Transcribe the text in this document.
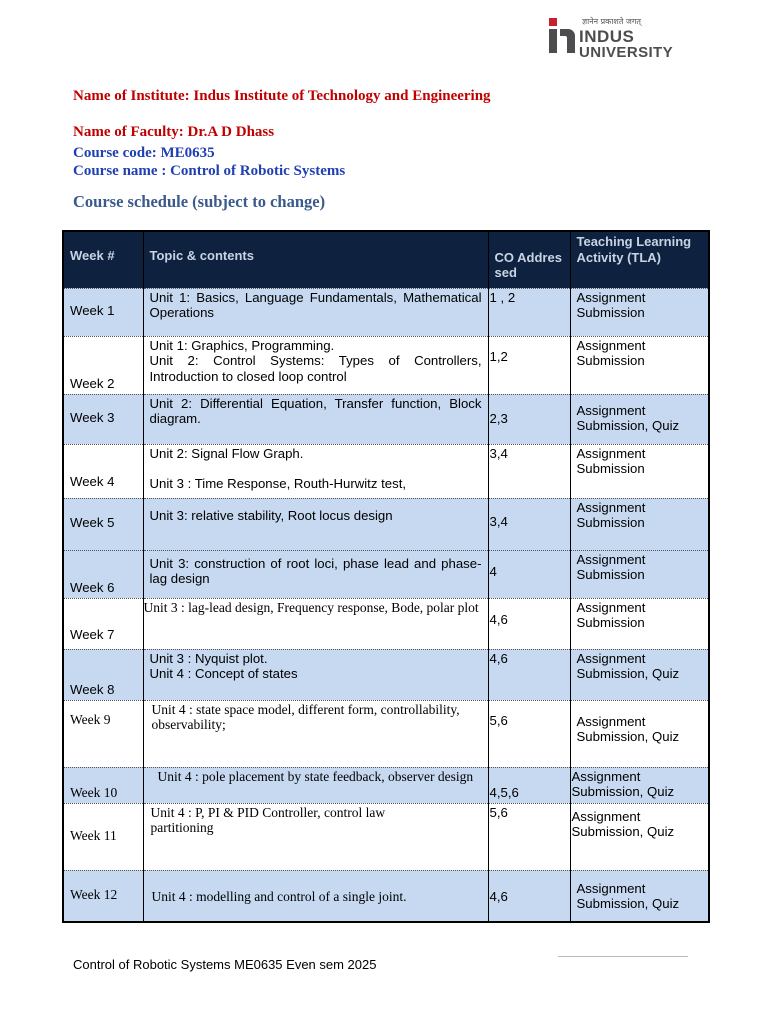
ज्ञानेन प्रकाशते जगत्
INDUS
UNIVERSITY
Name of Institute: Indus Institute of Technology and Engineering
Name of Faculty: Dr.A D Dhass
Course code: ME0635
Course name : Control of Robotic Systems
Course schedule (subject to change)
Week #	Topic & contents	CO Addressed	Teaching Learning Activity (TLA)
Week 1	Unit 1: Basics, Language Fundamentals, Mathematical Operations	1 , 2	Assignment Submission
Week 2	Unit 1: Graphics, Programming.
Unit 2: Control Systems: Types of Controllers, Introduction to closed loop control	1,2	Assignment Submission
Week 3	Unit 2: Differential Equation, Transfer function, Block diagram.	2,3	Assignment Submission, Quiz
Week 4	Unit 2: Signal Flow Graph.
Unit 3 : Time Response, Routh-Hurwitz test,	3,4	Assignment Submission
Week 5	Unit 3: relative stability, Root locus design	3,4	Assignment Submission
Week 6	Unit 3: construction of root loci, phase lead and phase-lag design	4	Assignment Submission
Week 7	Unit 3 : lag-lead design, Frequency response, Bode, polar plot	4,6	Assignment Submission
Week 8	Unit 3 : Nyquist plot.
Unit 4 : Concept of states	4,6	Assignment Submission, Quiz
Week 9	Unit 4 : state space model, different form, controllability, observability;	5,6	Assignment Submission, Quiz
Week 10	Unit 4 : pole placement by state feedback, observer design	4,5,6	Assignment Submission, Quiz
Week 11	Unit 4 : P, PI & PID Controller, control law partitioning	5,6	Assignment Submission, Quiz
Week 12	Unit 4 : modelling and control of a single joint.	4,6	Assignment Submission, Quiz
Control of Robotic Systems ME0635 Even sem 2025
